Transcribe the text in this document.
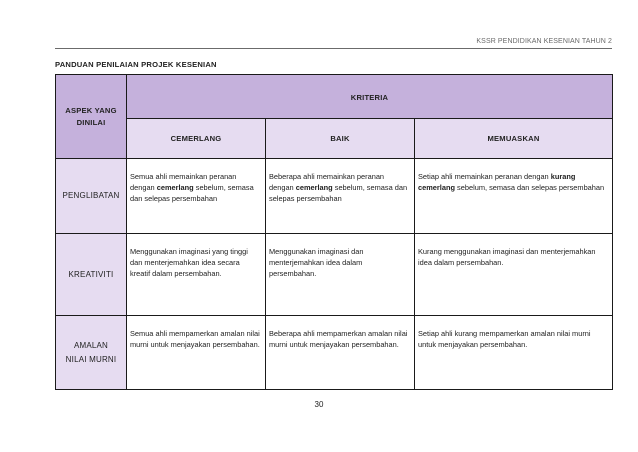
KSSR PENDIDIKAN KESENIAN TAHUN 2
PANDUAN PENILAIAN PROJEK KESENIAN
ASPEK YANG
DINILAI	KRITERIA		
	CEMERLANG	BAIK	MEMUASKAN

PENGLIBATAN	Semua ahli memainkan peranan dengan cemerlang sebelum, semasa dan selepas persembahan	Beberapa ahli memainkan peranan dengan cemerlang sebelum, semasa dan selepas persembahan	Setiap ahli memainkan peranan dengan kurang cemerlang sebelum, semasa dan selepas persembahan

KREATIVITI	Menggunakan imaginasi yang tinggi dan menterjemahkan idea secara kreatif dalam persembahan.	Menggunakan imaginasi dan menterjemahkan idea dalam persembahan.	Kurang menggunakan imaginasi dan menterjemahkan idea dalam persembahan.

AMALAN
NILAI MURNI	Semua ahli mempamerkan amalan nilai murni untuk menjayakan persembahan.	Beberapa ahli mempamerkan amalan nilai murni untuk menjayakan persembahan.	Setiap ahli kurang mempamerkan amalan nilai murni untuk menjayakan persembahan.
30
